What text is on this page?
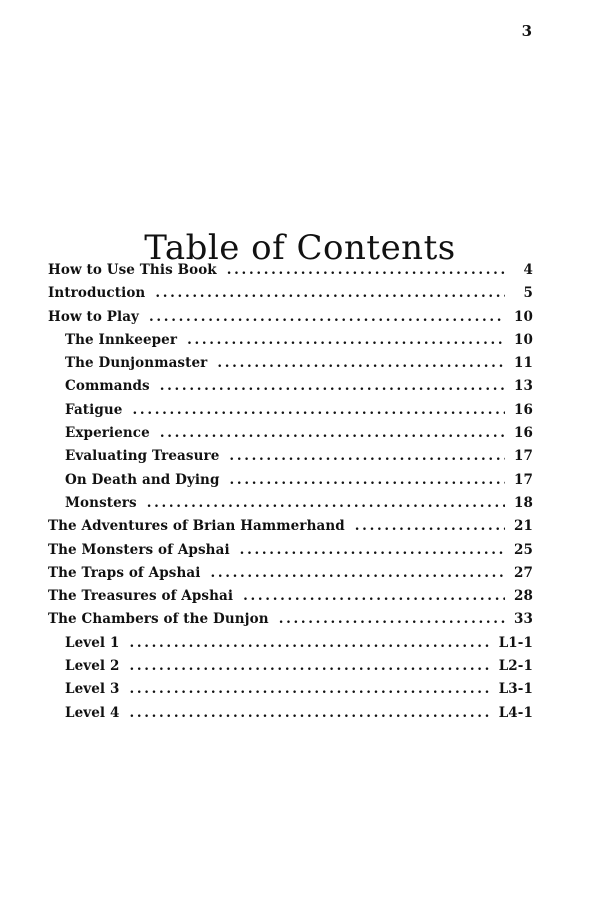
3
Table of Contents
How to Use This Book . . .	4
Introduction . . .	5
How to Play . . .	10
The Innkeeper . . .	10
The Dunjonmaster . . .	11
Commands . . .	13
Fatigue . . .	16
Experience . . .	16
Evaluating Treasure . . .	17
On Death and Dying . . .	17
Monsters . . .	18
The Adventures of Brian Hammerhand . . .	21
The Monsters of Apshai . . .	25
The Traps of Apshai . . .	27
The Treasures of Apshai . . .	28
The Chambers of the Dunjon . . .	33
Level 1 . . .	L1-1
Level 2 . . .	L2-1
Level 3 . . .	L3-1
Level 4 . . .	L4-1
